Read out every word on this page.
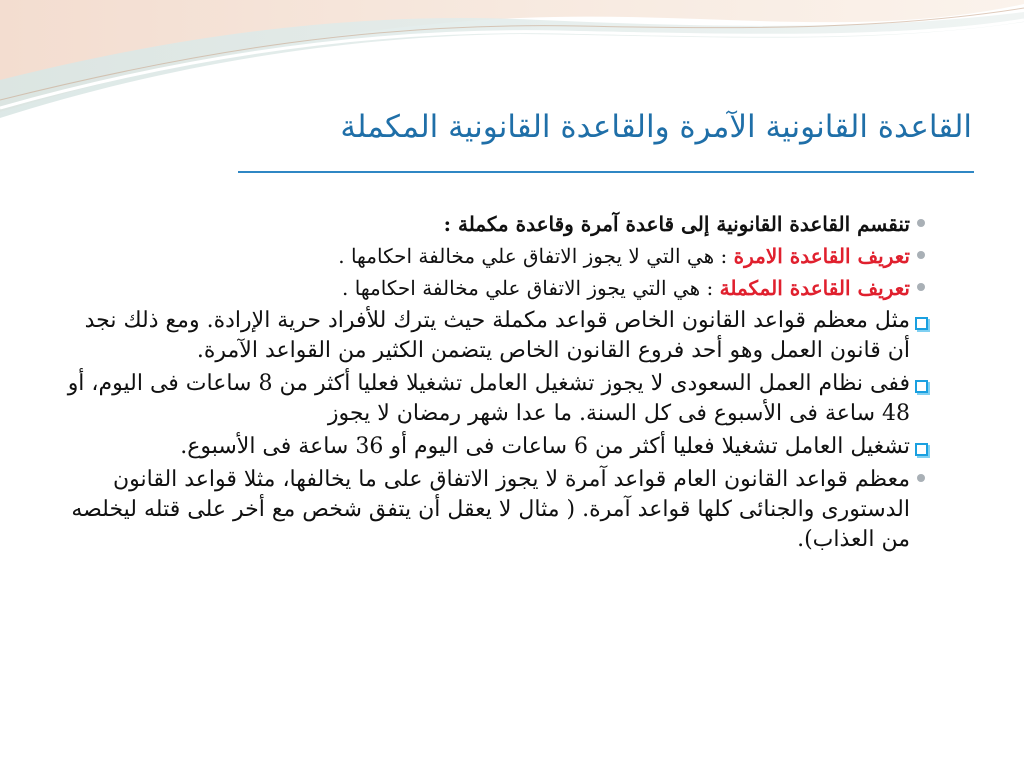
القاعدة القانونية الآمرة والقاعدة القانونية المكملة
تنقسم القاعدة القانونية إلى قاعدة آمرة وقاعدة مكملة :
تعريف القاعدة الامرة : هي التي لا يجوز الاتفاق علي مخالفة احكامها .
تعريف القاعدة المكملة : هي التي يجوز الاتفاق علي مخالفة احكامها .
مثل معظم قواعد القانون الخاص قواعد مكملة حيث يترك للأفراد حرية الإرادة. ومع ذلك نجد أن قانون العمل وهو أحد فروع القانون الخاص يتضمن الكثير من القواعد الآمرة.
ففى نظام العمل السعودى لا يجوز تشغيل العامل تشغيلا فعليا أكثر من 8 ساعات فى اليوم، أو 48 ساعة فى الأسبوع فى كل السنة. ما عدا شهر رمضان لا يجوز
تشغيل العامل تشغيلا فعليا أكثر من 6 ساعات فى اليوم أو 36 ساعة فى الأسبوع.
معظم قواعد القانون العام قواعد آمرة لا يجوز الاتفاق على ما يخالفها، مثلا قواعد القانون الدستورى والجنائى كلها قواعد آمرة. ( مثال لا يعقل أن يتفق شخص مع أخر على قتله ليخلصه من العذاب).
